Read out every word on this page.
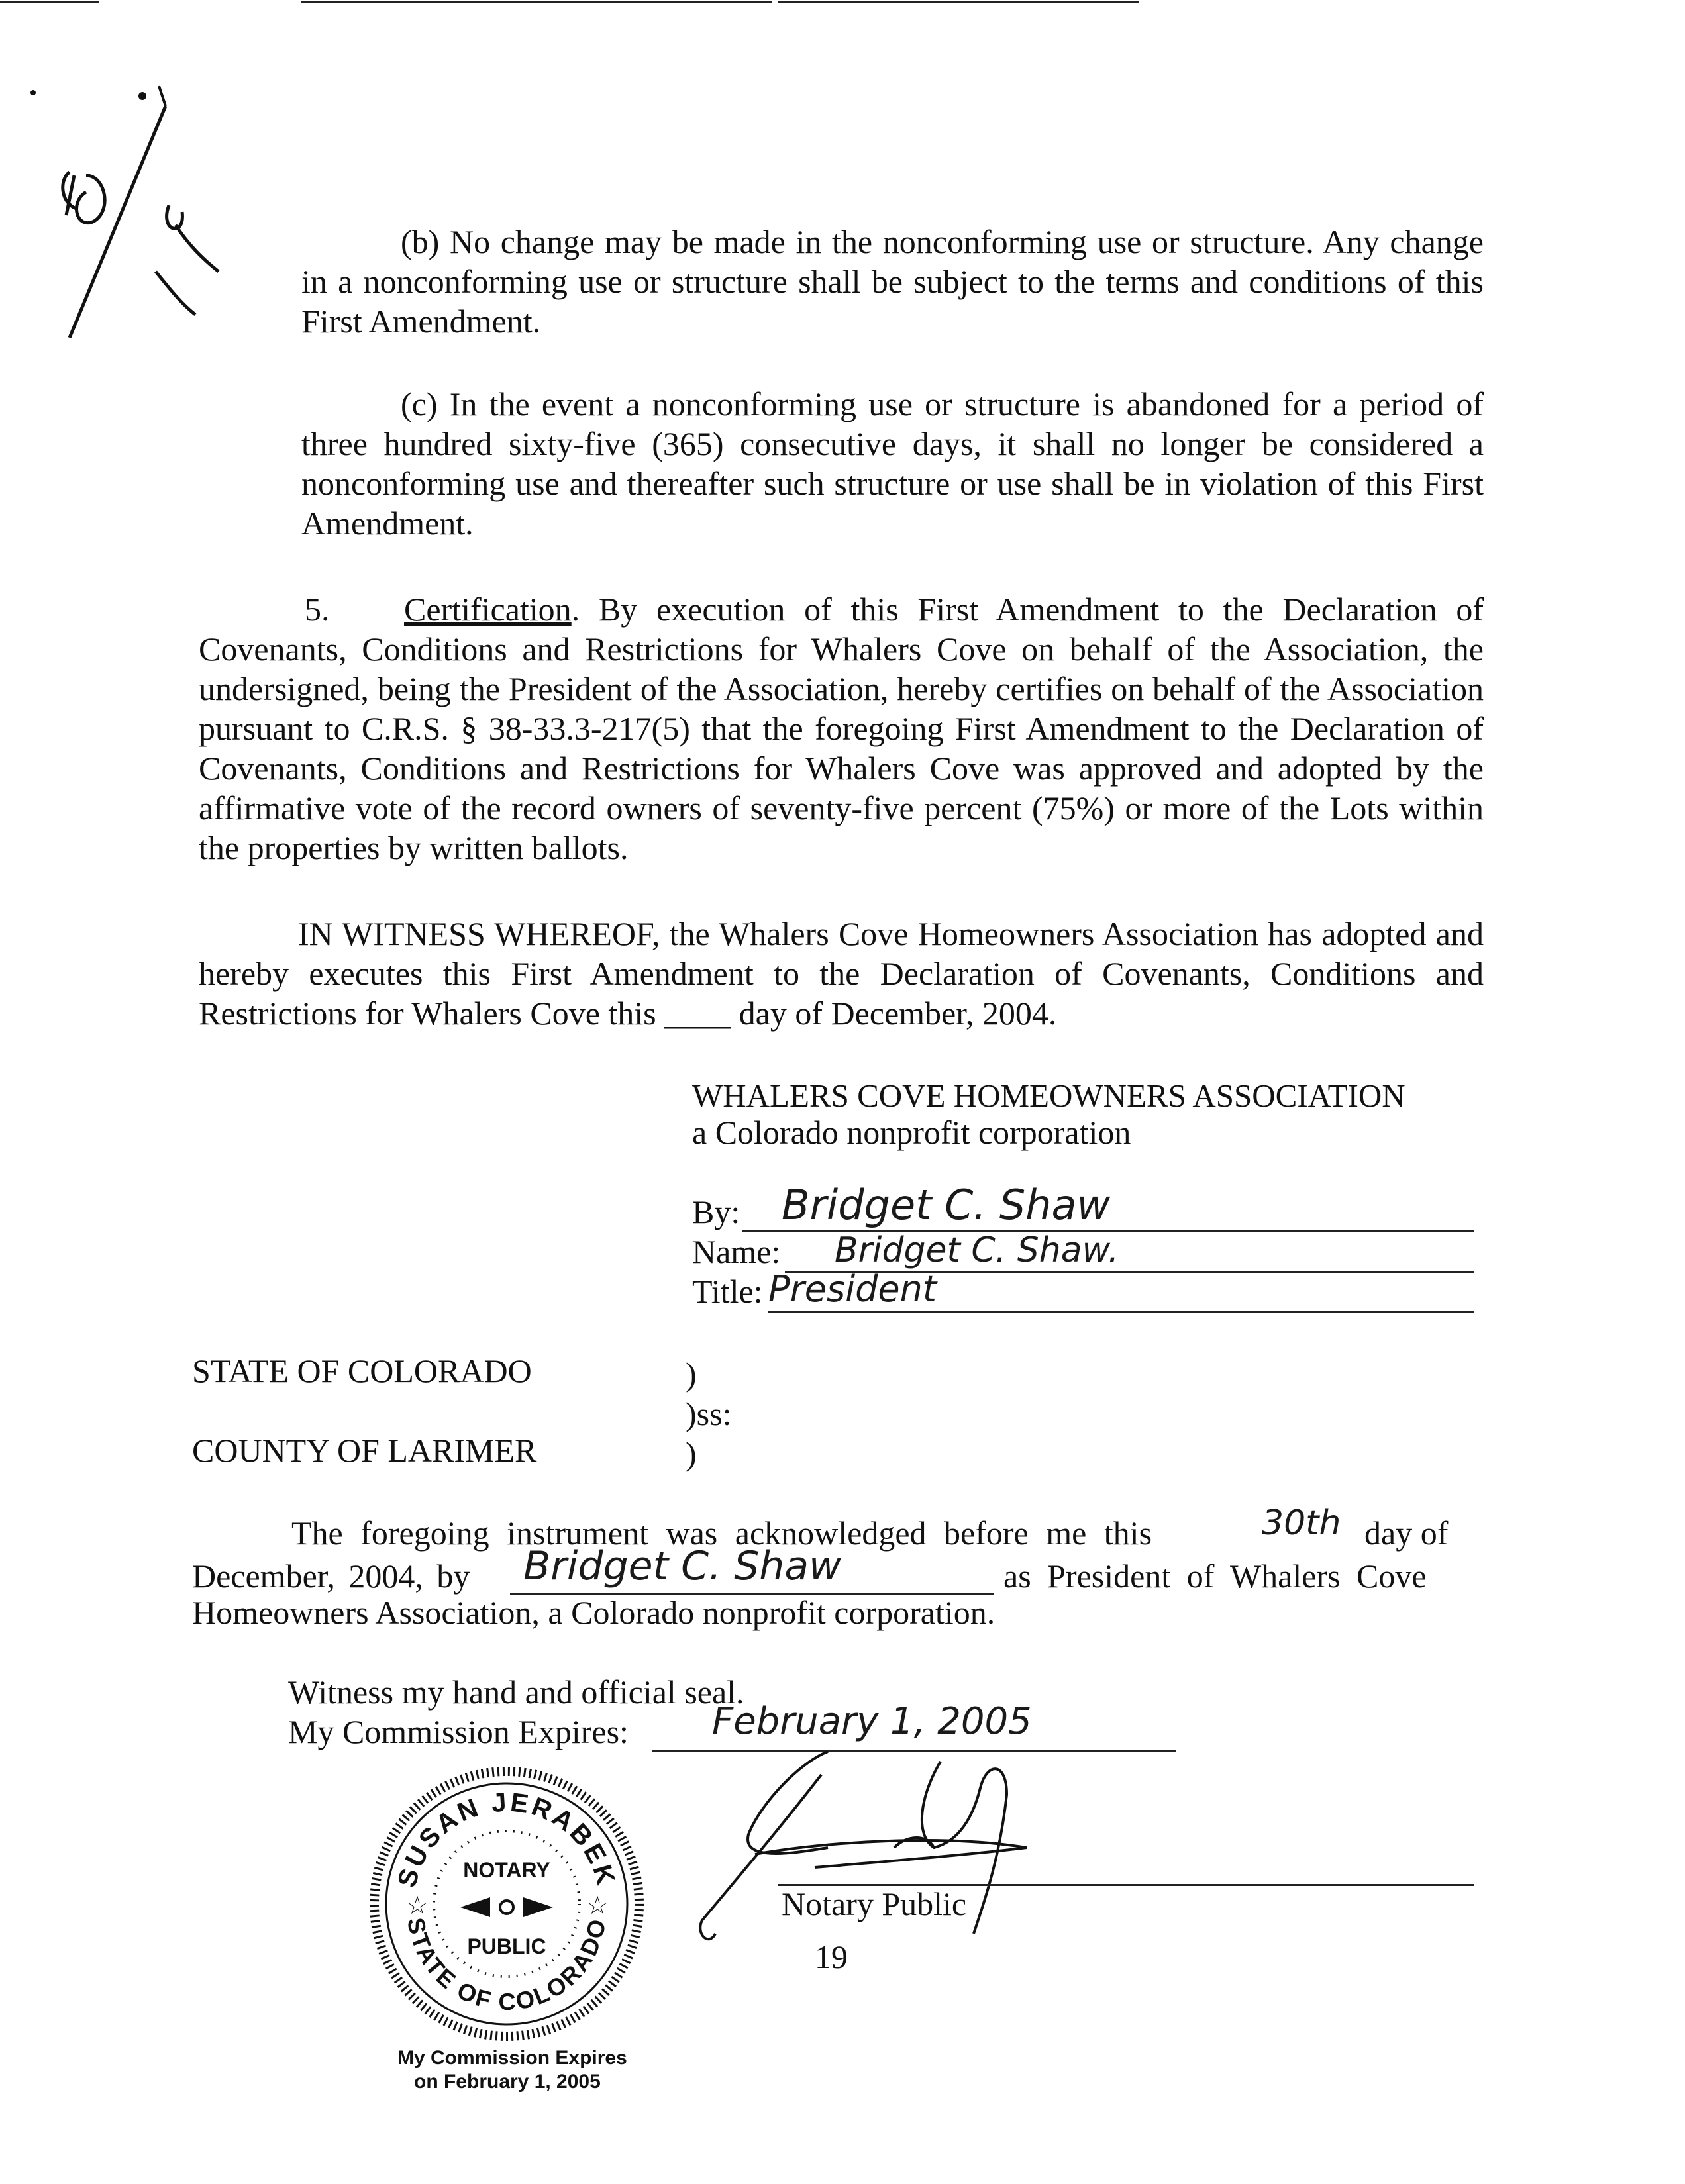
(b) No change may be made in the nonconforming use or structure. Any change in a nonconforming use or structure shall be subject to the terms and conditions of this First Amendment.
(c) In the event a nonconforming use or structure is abandoned for a period of three hundred sixty-five (365) consecutive days, it shall no longer be considered a nonconforming use and thereafter such structure or use shall be in violation of this First Amendment.
5. Certification. By execution of this First Amendment to the Declaration of Covenants, Conditions and Restrictions for Whalers Cove on behalf of the Association, the undersigned, being the President of the Association, hereby certifies on behalf of the Association pursuant to C.R.S. § 38-33.3-217(5) that the foregoing First Amendment to the Declaration of Covenants, Conditions and Restrictions for Whalers Cove was approved and adopted by the affirmative vote of the record owners of seventy-five percent (75%) or more of the Lots within the properties by written ballots.
IN WITNESS WHEREOF, the Whalers Cove Homeowners Association has adopted and hereby executes this First Amendment to the Declaration of Covenants, Conditions and Restrictions for Whalers Cove this ____ day of December, 2004.
WHALERS COVE HOMEOWNERS ASSOCIATION
a Colorado nonprofit corporation
By: Bridget C. Shaw
Name: Bridget C. Shaw.
Title: President
STATE OF COLORADO
COUNTY OF LARIMER
)
)ss:
)
The foregoing instrument was acknowledged before me this	30th day of
December, 2004, by Bridget C. Shaw	as President of Whalers Cove
Homeowners Association, a Colorado nonprofit corporation.
Witness my hand and official seal.
My Commission Expires: February 1, 2005
Notary Public
19
SUSAN JERABEK
STATE OF COLORADO
NOTARY
PUBLIC
☆	☆
My Commission Expires
on February 1, 2005
